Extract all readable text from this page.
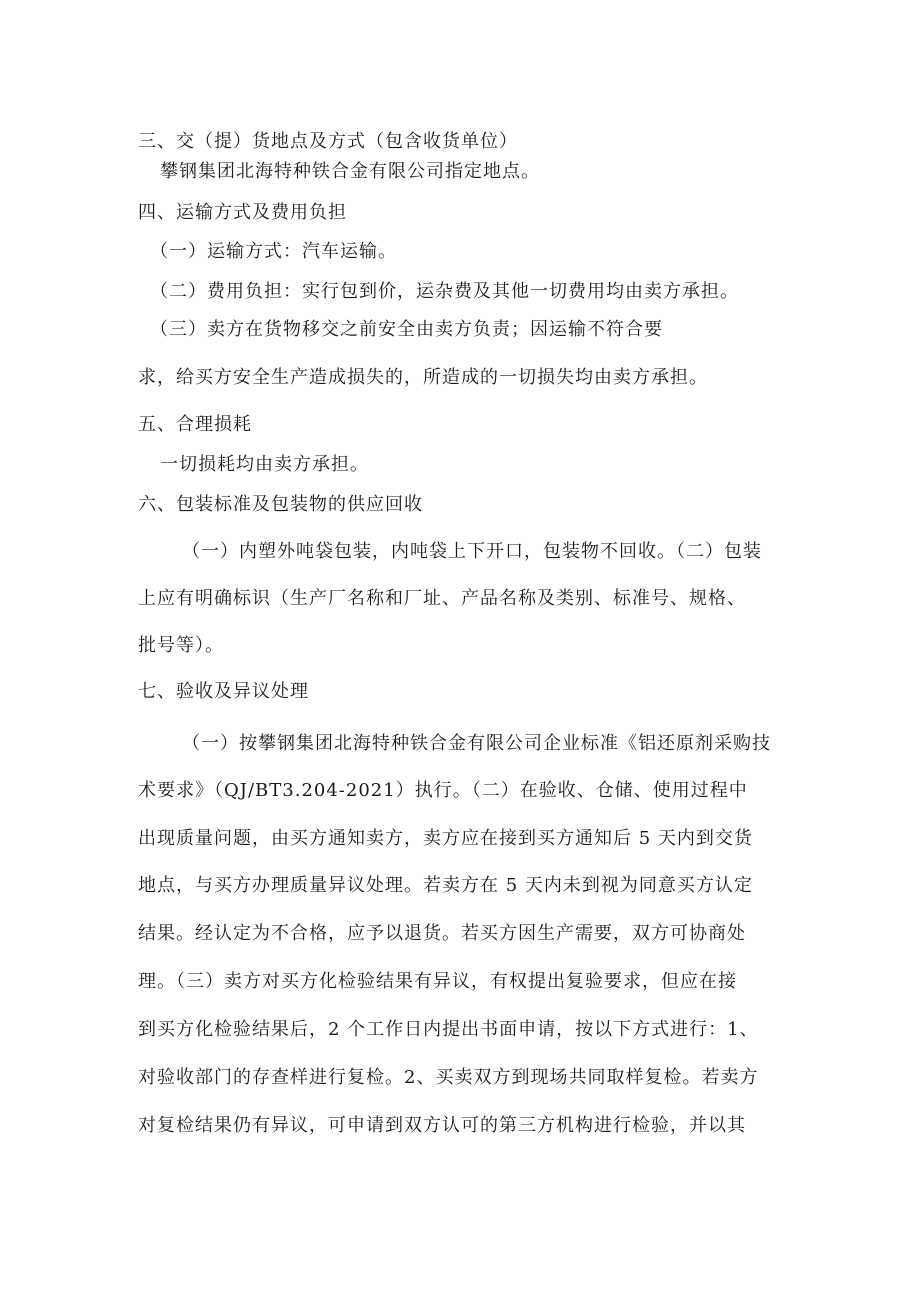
三、交（提）货地点及方式（包含收货单位）
攀钢集团北海特种铁合金有限公司指定地点。
四、运输方式及费用负担
（一）运输方式：汽车运输。
（二）费用负担：实行包到价，运杂费及其他一切费用均由卖方承担。
（三）卖方在货物移交之前安全由卖方负责；因运输不符合要
求，给买方安全生产造成损失的，所造成的一切损失均由卖方承担。
五、合理损耗
一切损耗均由卖方承担。
六、包装标准及包装物的供应回收
（一）内塑外吨袋包装，内吨袋上下开口，包装物不回收。（二）包装
上应有明确标识（生产厂名称和厂址、产品名称及类别、标准号、规格、
批号等）。
七、验收及异议处理
（一）按攀钢集团北海特种铁合金有限公司企业标准《铝还原剂采购技
术要求》（QJ/BT3.204-2021）执行。（二）在验收、仓储、使用过程中
出现质量问题，由买方通知卖方，卖方应在接到买方通知后 5 天内到交货
地点，与买方办理质量异议处理。若卖方在 5 天内未到视为同意买方认定
结果。经认定为不合格，应予以退货。若买方因生产需要，双方可协商处
理。（三）卖方对买方化检验结果有异议，有权提出复验要求，但应在接
到买方化检验结果后，2 个工作日内提出书面申请，按以下方式进行：1、
对验收部门的存查样进行复检。2、买卖双方到现场共同取样复检。若卖方
对复检结果仍有异议，可申请到双方认可的第三方机构进行检验，并以其
